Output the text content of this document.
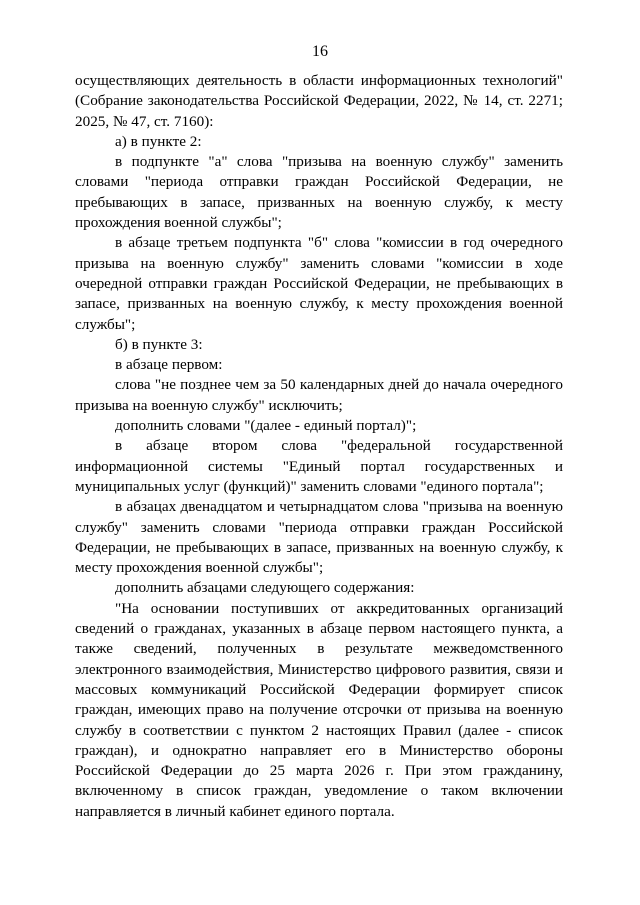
16

осуществляющих деятельность в области информационных технологий" (Собрание законодательства Российской Федерации, 2022, № 14, ст. 2271; 2025, № 47, ст. 7160):

а) в пункте 2:

в подпункте "а" слова "призыва на военную службу" заменить словами "периода отправки граждан Российской Федерации, не пребывающих в запасе, призванных на военную службу, к месту прохождения военной службы";

в абзаце третьем подпункта "б" слова "комиссии в год очередного призыва на военную службу" заменить словами "комиссии в ходе очередной отправки граждан Российской Федерации, не пребывающих в запасе, призванных на военную службу, к месту прохождения военной службы";

б) в пункте 3:

в абзаце первом:

слова "не позднее чем за 50 календарных дней до начала очередного призыва на военную службу" исключить;

дополнить словами "(далее - единый портал)";

в абзаце втором слова "федеральной государственной информационной системы "Единый портал государственных и муниципальных услуг (функций)" заменить словами "единого портала";

в абзацах двенадцатом и четырнадцатом слова "призыва на военную службу" заменить словами "периода отправки граждан Российской Федерации, не пребывающих в запасе, призванных на военную службу, к месту прохождения военной службы";

дополнить абзацами следующего содержания:

"На основании поступивших от аккредитованных организаций сведений о гражданах, указанных в абзаце первом настоящего пункта, а также сведений, полученных в результате межведомственного электронного взаимодействия, Министерство цифрового развития, связи и массовых коммуникаций Российской Федерации формирует список граждан, имеющих право на получение отсрочки от призыва на военную службу в соответствии с пунктом 2 настоящих Правил (далее - список граждан), и однократно направляет его в Министерство обороны Российской Федерации до 25 марта 2026 г. При этом гражданину, включенному в список граждан, уведомление о таком включении направляется в личный кабинет единого портала.
